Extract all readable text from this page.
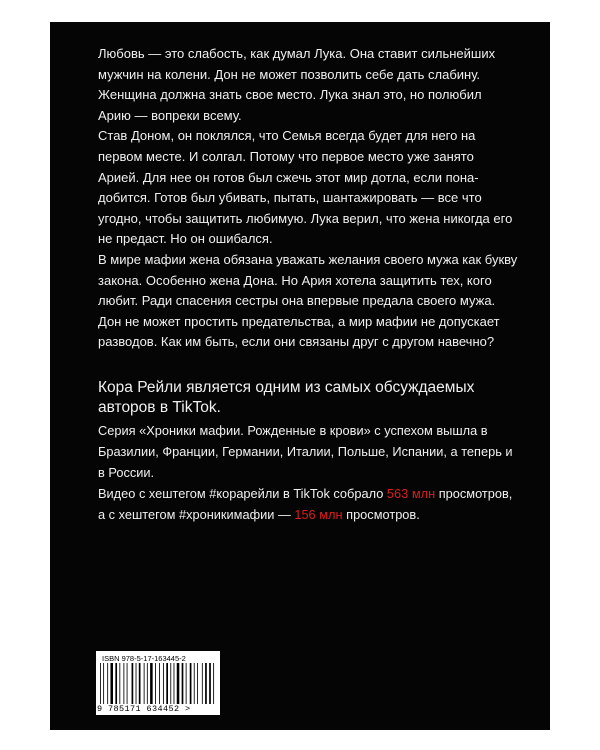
Любовь — это слабость, как думал Лука. Она ставит сильнейших мужчин на колени. Дон не может позволить себе дать слабину. Женщина должна знать свое место. Лука знал это, но полюбил Арию — вопреки всему.

Став Доном, он поклялся, что Семья всегда будет для него на первом месте. И солгал. Потому что первое место уже занято Арией. Для нее он готов был сжечь этот мир дотла, если понадобится. Готов был убивать, пытать, шантажировать — все что угодно, чтобы защитить любимую. Лука верил, что жена никогда его не предаст. Но он ошибался.

В мире мафии жена обязана уважать желания своего мужа как букву закона. Особенно жена Дона. Но Ария хотела защитить тех, кого любит. Ради спасения сестры она впервые предала своего мужа.

Дон не может простить предательства, а мир мафии не допускает разводов. Как им быть, если они связаны друг с другом навечно?

Кора Рейли является одним из самых обсуждаемых авторов в TikTok.

Серия «Хроники мафии. Рожденные в крови» с успехом вышла в Бразилии, Франции, Германии, Италии, Польше, Испании, а теперь и в России.

Видео с хештегом #корарейли в TikTok собрало 563 млн просмотров, а с хештегом #хроникимафии — 156 млн просмотров.

ISBN 978-5-17-163445-2
9 785171 634452 >
